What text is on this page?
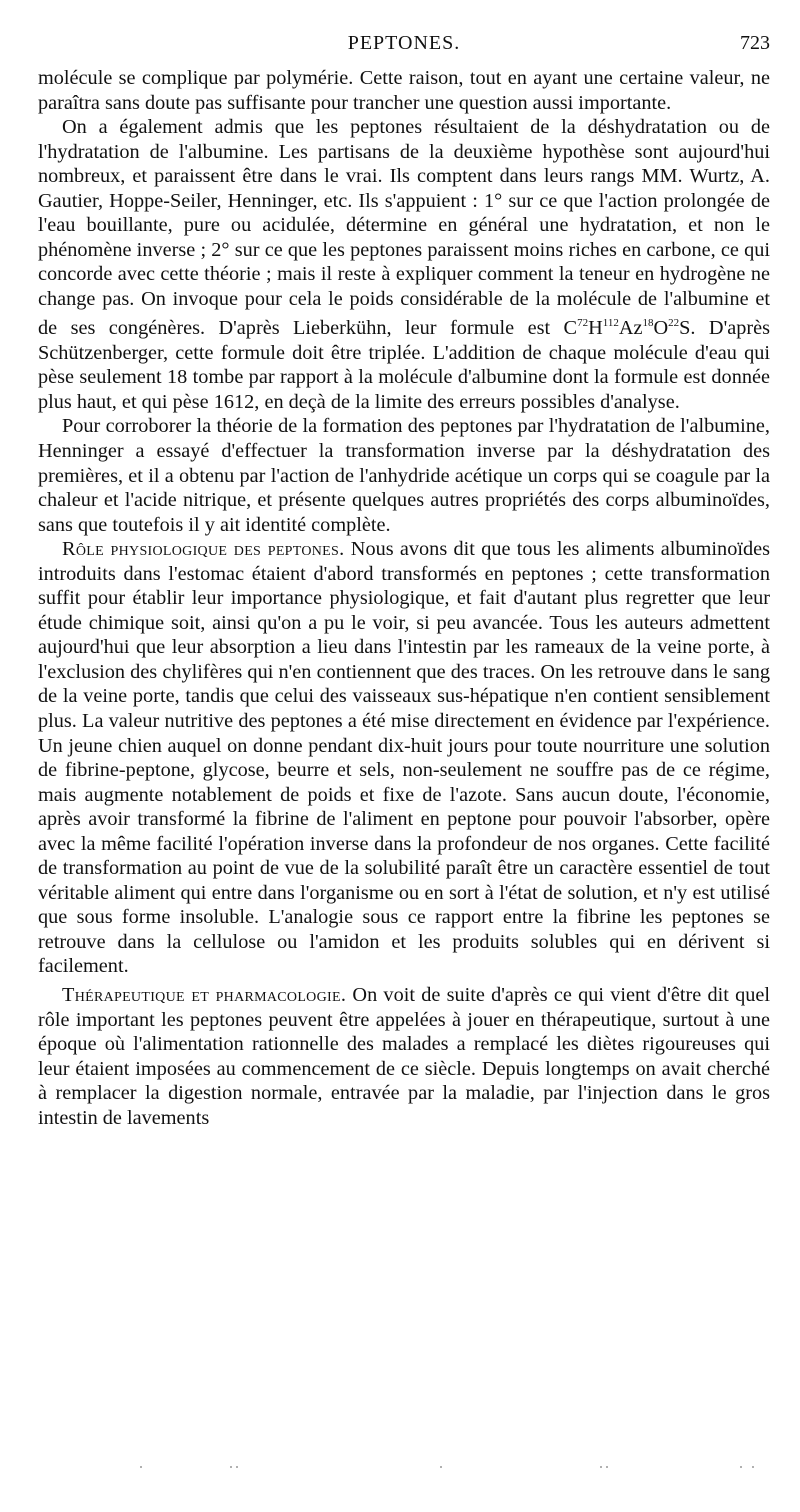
PEPTONES.	723

molécule se complique par polymérie. Cette raison, tout en ayant une certaine valeur, ne paraîtra sans doute pas suffisante pour trancher une question aussi importante.

On a également admis que les peptones résultaient de la déshydratation ou de l'hydratation de l'albumine. Les partisans de la deuxième hypothèse sont aujourd'hui nombreux, et paraissent être dans le vrai. Ils comptent dans leurs rangs MM. Wurtz, A. Gautier, Hoppe-Seiler, Henninger, etc. Ils s'appuient : 1° sur ce que l'action prolongée de l'eau bouillante, pure ou acidulée, détermine en général une hydratation, et non le phénomène inverse ; 2° sur ce que les peptones paraissent moins riches en carbone, ce qui concorde avec cette théorie ; mais il reste à expliquer comment la teneur en hydrogène ne change pas. On invoque pour cela le poids considérable de la molécule de l'albumine et de ses congénères. D'après Lieberkühn, leur formule est $C^{72}H^{112}Az^{18}O^{22}S$. D'après Schützenberger, cette formule doit être triplée. L'addition de chaque molécule d'eau qui pèse seulement 18 tombe par rapport à la molécule d'albumine dont la formule est donnée plus haut, et qui pèse 1612, en deçà de la limite des erreurs possibles d'analyse.

Pour corroborer la théorie de la formation des peptones par l'hydratation de l'albumine, Henninger a essayé d'effectuer la transformation inverse par la déshydratation des premières, et il a obtenu par l'action de l'anhydride acétique un corps qui se coagule par la chaleur et l'acide nitrique, et présente quelques autres propriétés des corps albuminoïdes, sans que toutefois il y ait identité complète.

Rôle physiologique des peptones. Nous avons dit que tous les aliments albuminoïdes introduits dans l'estomac étaient d'abord transformés en peptones ; cette transformation suffit pour établir leur importance physiologique, et fait d'autant plus regretter que leur étude chimique soit, ainsi qu'on a pu le voir, si peu avancée. Tous les auteurs admettent aujourd'hui que leur absorption a lieu dans l'intestin par les rameaux de la veine porte, à l'exclusion des chylifères qui n'en contiennent que des traces. On les retrouve dans le sang de la veine porte, tandis que celui des vaisseaux sus-hépatique n'en contient sensiblement plus. La valeur nutritive des peptones a été mise directement en évidence par l'expérience. Un jeune chien auquel on donne pendant dix-huit jours pour toute nourriture une solution de fibrine-peptone, glycose, beurre et sels, non-seulement ne souffre pas de ce régime, mais augmente notablement de poids et fixe de l'azote. Sans aucun doute, l'économie, après avoir transformé la fibrine de l'aliment en peptone pour pouvoir l'absorber, opère avec la même facilité l'opération inverse dans la profondeur de nos organes. Cette facilité de transformation au point de vue de la solubilité paraît être un caractère essentiel de tout véritable aliment qui entre dans l'organisme ou en sort à l'état de solution, et n'y est utilisé que sous forme insoluble. L'analogie sous ce rapport entre la fibrine les peptones se retrouve dans la cellulose ou l'amidon et les produits solubles qui en dérivent si facilement.

Thérapeutique et pharmacologie. On voit de suite d'après ce qui vient d'être dit quel rôle important les peptones peuvent être appelées à jouer en thérapeutique, surtout à une époque où l'alimentation rationnelle des malades a remplacé les diètes rigoureuses qui leur étaient imposées au commencement de ce siècle. Depuis longtemps on avait cherché à remplacer la digestion normale, entravée par la maladie, par l'injection dans le gros intestin de lavements
